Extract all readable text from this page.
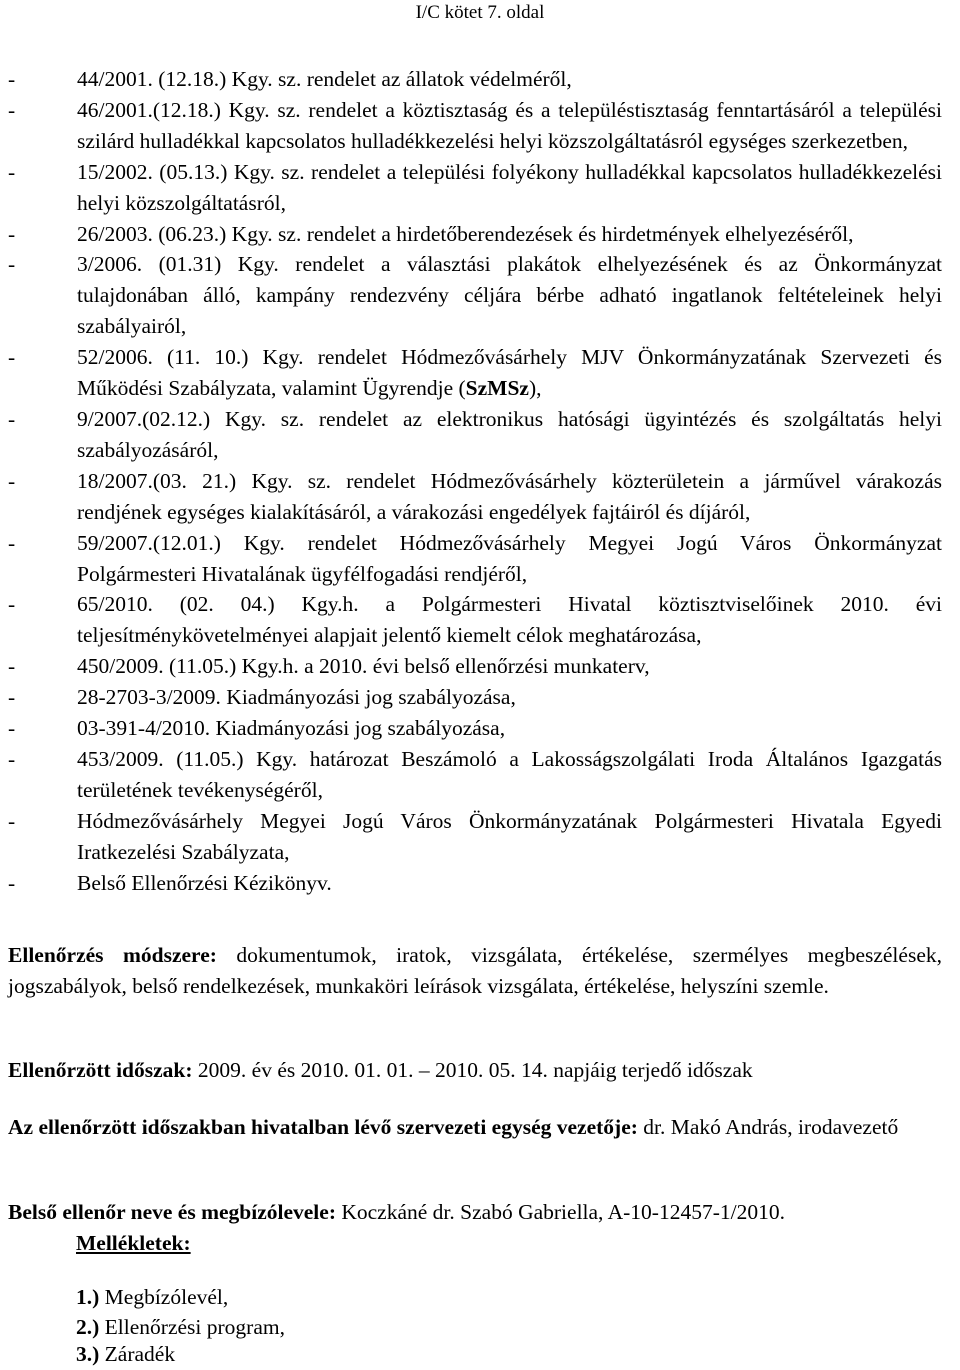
I/C kötet 7. oldal
-	44/2001. (12.18.) Kgy. sz. rendelet az állatok védelméről,
-	46/2001.(12.18.) Kgy. sz. rendelet a köztisztaság és a településtisztaság fenntartásáról a települési szilárd hulladékkal kapcsolatos hulladékkezelési helyi közszolgáltatásról egységes szerkezetben,
-	15/2002. (05.13.) Kgy. sz. rendelet a települési folyékony hulladékkal kapcsolatos hulladékkezelési helyi közszolgáltatásról,
-	26/2003. (06.23.) Kgy. sz. rendelet a hirdetőberendezések és hirdetmények elhelyezéséről,
-	3/2006. (01.31) Kgy. rendelet a választási plakátok elhelyezésének és az Önkormányzat tulajdonában álló, kampány rendezvény céljára bérbe adható ingatlanok feltételeinek helyi szabályairól,
-	52/2006. (11. 10.) Kgy. rendelet Hódmezővásárhely MJV Önkormányzatának Szervezeti és Működési Szabályzata, valamint Ügyrendje (SzMSz),
-	9/2007.(02.12.) Kgy. sz. rendelet az elektronikus hatósági ügyintézés és szolgáltatás helyi szabályozásáról,
-	18/2007.(03. 21.) Kgy. sz. rendelet Hódmezővásárhely közterületein a járművel várakozás rendjének egységes kialakításáról, a várakozási engedélyek fajtáiról és díjáról,
-	59/2007.(12.01.) Kgy. rendelet Hódmezővásárhely Megyei Jogú Város Önkormányzat Polgármesteri Hivatalának ügyfélfogadási rendjéről,
-	65/2010. (02. 04.) Kgy.h. a Polgármesteri Hivatal köztisztviselőinek 2010. évi teljesítménykövetelményei alapjait jelentő kiemelt célok meghatározása,
-	450/2009. (11.05.) Kgy.h. a 2010. évi belső ellenőrzési munkaterv,
-	28-2703-3/2009. Kiadmányozási jog szabályozása,
-	03-391-4/2010. Kiadmányozási jog szabályozása,
-	453/2009. (11.05.) Kgy. határozat Beszámoló a Lakosságszolgálati Iroda Általános Igazgatás területének tevékenységéről,
-	Hódmezővásárhely Megyei Jogú Város Önkormányzatának Polgármesteri Hivatala Egyedi Iratkezelési Szabályzata,
-	Belső Ellenőrzési Kézikönyv.
Ellenőrzés módszere: dokumentumok, iratok, vizsgálata, értékelése, szermélyes megbeszélések, jogszabályok, belső rendelkezések, munkaköri leírások vizsgálata, értékelése, helyszíni szemle.
Ellenőrzött időszak: 2009. év és 2010. 01. 01. – 2010. 05. 14. napjáig terjedő időszak
Az ellenőrzött időszakban hivatalban lévő szervezeti egység vezetője: dr. Makó András, irodavezető
Belső ellenőr neve és megbízólevele: Koczkáné dr. Szabó Gabriella, A-10-12457-1/2010.
Mellékletek:
1.) Megbízólevél,
2.) Ellenőrzési program,
3.) Záradék
